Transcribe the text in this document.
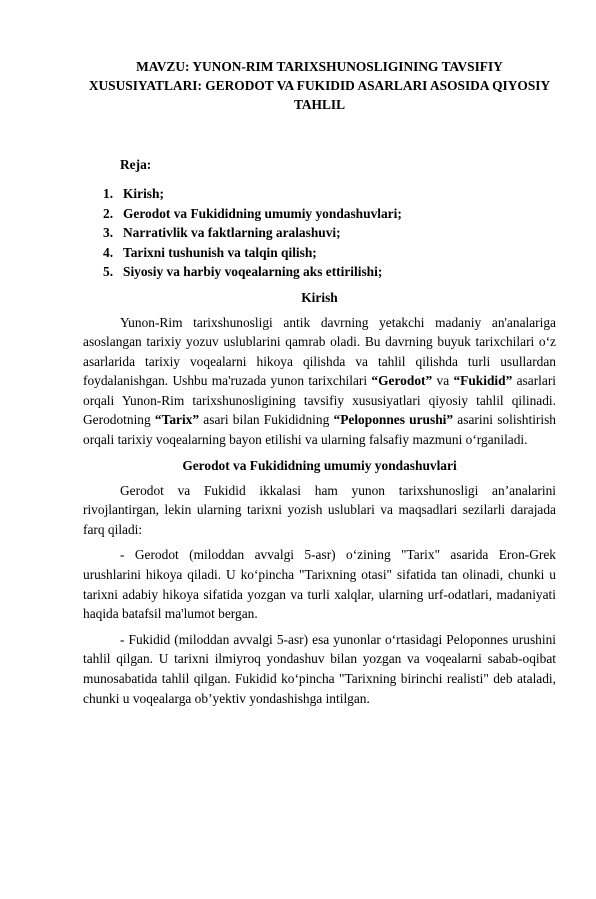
MAVZU: YUNON-RIM TARIXSHUNOSLIGINING TAVSIFIY XUSUSIYATLARI: GERODOT VA FUKIDID ASARLARI ASOSIDA QIYOSIY TAHLIL
Reja:
1. Kirish;
2. Gerodot va Fukididning umumiy yondashuvlari;
3. Narrativlik va faktlarning aralashuvi;
4. Tarixni tushunish va talqin qilish;
5. Siyosiy va harbiy voqealarning aks ettirilishi;
Kirish

Yunon-Rim tarixshunosligi antik davrning yetakchi madaniy an'analariga asoslangan tarixiy yozuv uslublarini qamrab oladi. Bu davrning buyuk tarixchilari o‘z asarlarida tarixiy voqealarni hikoya qilishda va tahlil qilishda turli usullardan foydalanishgan. Ushbu ma'ruzada yunon tarixchilari “Gerodot” va “Fukidid” asarlari orqali Yunon-Rim tarixshunosligining tavsifiy xususiyatlari qiyosiy tahlil qilinadi. Gerodotning “Tarix” asari bilan Fukididning “Peloponnes urushi” asarini solishtirish orqali tarixiy voqealarning bayon etilishi va ularning falsafiy mazmuni o‘rganiladi.

Gerodot va Fukididning umumiy yondashuvlari

Gerodot va Fukidid ikkalasi ham yunon tarixshunosligi an’analarini rivojlantirgan, lekin ularning tarixni yozish uslublari va maqsadlari sezilarli darajada farq qiladi:

- Gerodot (miloddan avvalgi 5-asr) o‘zining "Tarix" asarida Eron-Grek urushlarini hikoya qiladi. U ko‘pincha "Tarixning otasi" sifatida tan olinadi, chunki u tarixni adabiy hikoya sifatida yozgan va turli xalqlar, ularning urf-odatlari, madaniyati haqida batafsil ma'lumot bergan.

- Fukidid (miloddan avvalgi 5-asr) esa yunonlar o‘rtasidagi Peloponnes urushini tahlil qilgan. U tarixni ilmiyroq yondashuv bilan yozgan va voqealarni sabab-oqibat munosabatida tahlil qilgan. Fukidid ko‘pincha "Tarixning birinchi realisti" deb ataladi, chunki u voqealarga ob’yektiv yondashishga intilgan.
